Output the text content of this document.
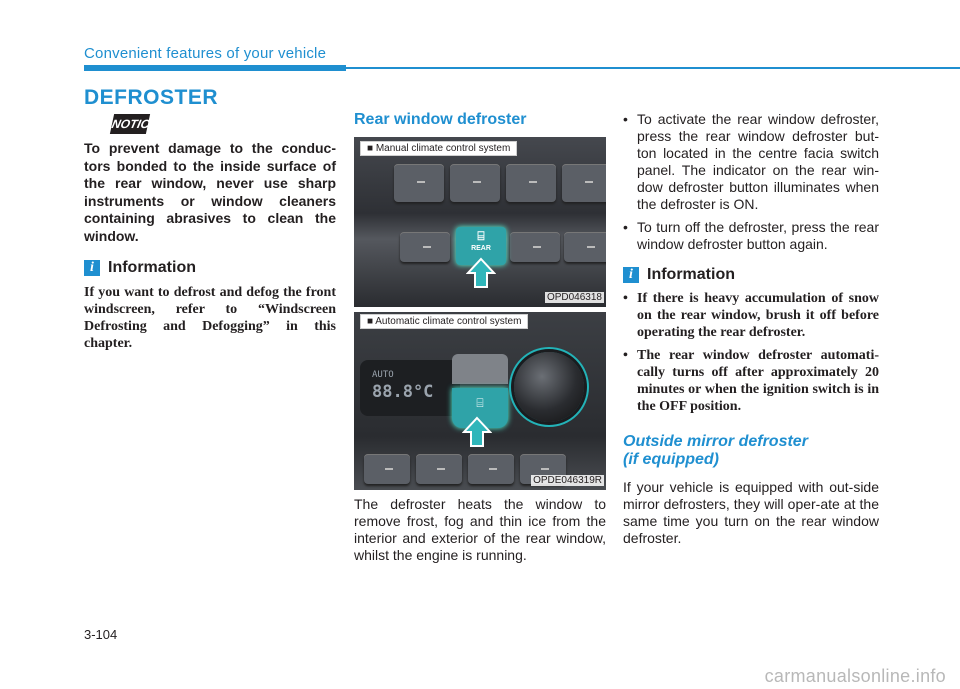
Convenient features of your vehicle
DEFROSTER
NOTICE
To prevent damage to the conduc-tors bonded to the inside surface of the rear window, never use sharp instruments or window cleaners containing abrasives to clean the window.
i Information
If you want to defrost and defog the front windscreen, refer to “Windscreen Defrosting and Defogging” in this chapter.
Rear window defroster
⌸
REAR
■ Manual climate control system
OPD046318
AUTO
88.8°C
⌸
■ Automatic climate control system
OPDE046319R
The defroster heats the window to remove frost, fog and thin ice from the interior and exterior of the rear window, whilst the engine is running.
• To activate the rear window defroster, press the rear window defroster but-ton located in the centre facia switch panel. The indicator on the rear win-dow defroster button illuminates when the defroster is ON.
• To turn off the defroster, press the rear window defroster button again.
i Information
• If there is heavy accumulation of snow on the rear window, brush it off before operating the rear defroster.
• The rear window defroster automati-cally turns off after approximately 20 minutes or when the ignition switch is in the OFF position.
Outside mirror defroster
(if equipped)
If your vehicle is equipped with out-side mirror defrosters, they will oper-ate at the same time you turn on the rear window defroster.
3-104
carmanualsonline.info
